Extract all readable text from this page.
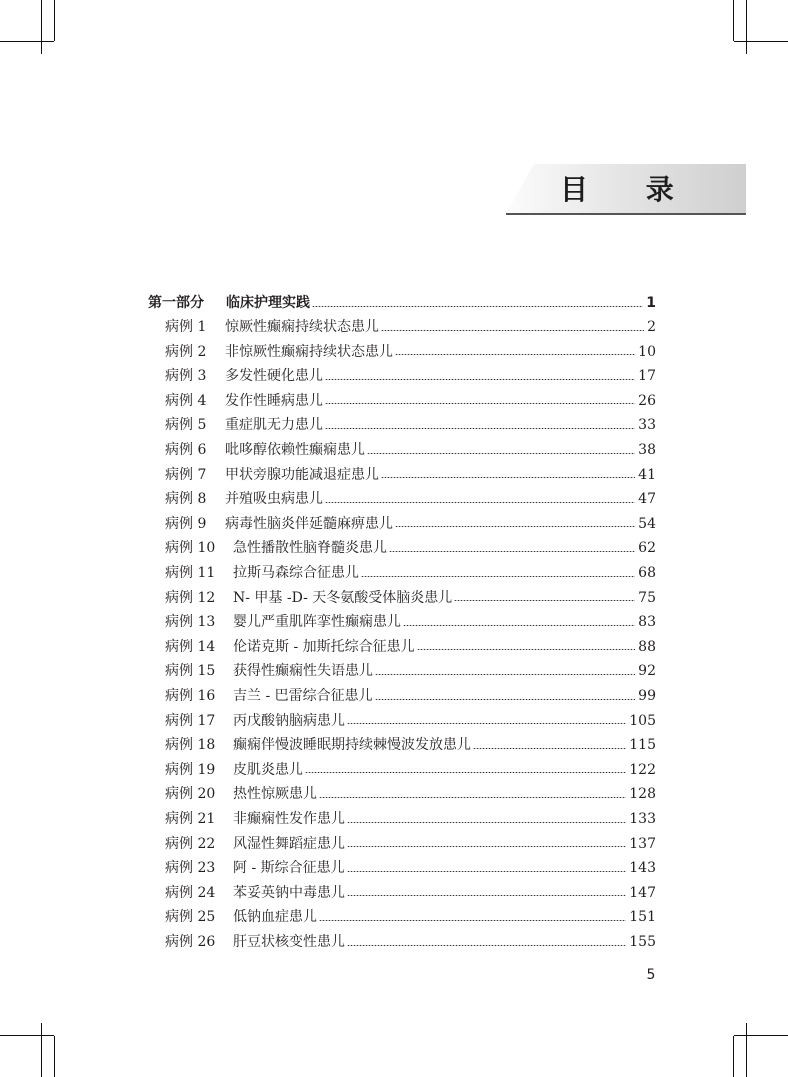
目 录
第一部分	临床护理实践	1
病例 1	惊厥性癫痫持续状态患儿	2
病例 2	非惊厥性癫痫持续状态患儿	10
病例 3	多发性硬化患儿	17
病例 4	发作性睡病患儿	26
病例 5	重症肌无力患儿	33
病例 6	吡哆醇依赖性癫痫患儿	38
病例 7	甲状旁腺功能减退症患儿	41
病例 8	并殖吸虫病患儿	47
病例 9	病毒性脑炎伴延髓麻痹患儿	54
病例 10	急性播散性脑脊髓炎患儿	62
病例 11	拉斯马森综合征患儿	68
病例 12	N- 甲基 -D- 天冬氨酸受体脑炎患儿	75
病例 13	婴儿严重肌阵挛性癫痫患儿	83
病例 14	伦诺克斯 - 加斯托综合征患儿	88
病例 15	获得性癫痫性失语患儿	92
病例 16	吉兰 - 巴雷综合征患儿	99
病例 17	丙戊酸钠脑病患儿	105
病例 18	癫痫伴慢波睡眠期持续棘慢波发放患儿	115
病例 19	皮肌炎患儿	122
病例 20	热性惊厥患儿	128
病例 21	非癫痫性发作患儿	133
病例 22	风湿性舞蹈症患儿	137
病例 23	阿 - 斯综合征患儿	143
病例 24	苯妥英钠中毒患儿	147
病例 25	低钠血症患儿	151
病例 26	肝豆状核变性患儿	155
5
